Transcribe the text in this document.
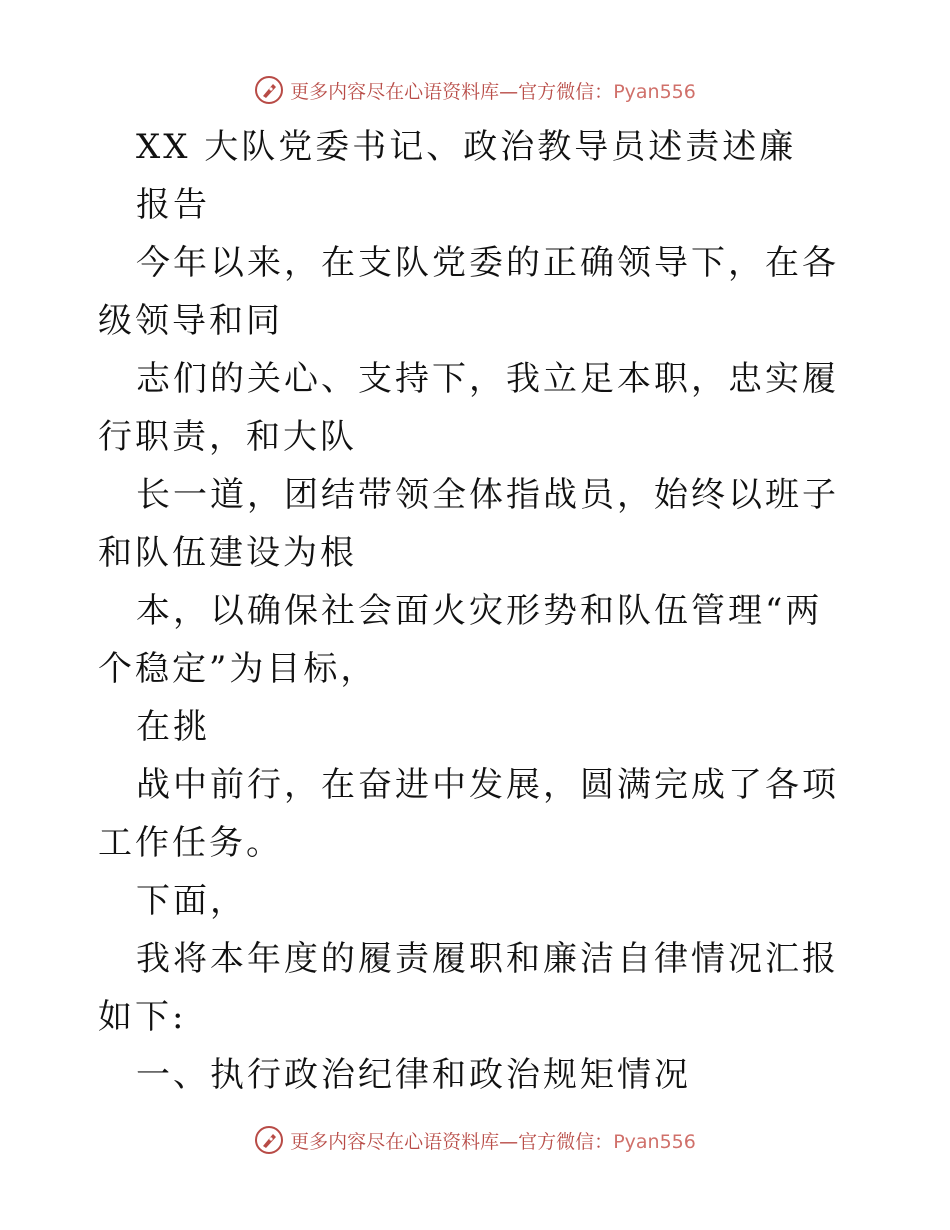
更多内容尽在心语资料库—官方微信：Pyan556

XX 大队党委书记、政治教导员述责述廉

报告

今年以来，在支队党委的正确领导下，在各级领导和同

志们的关心、支持下，我立足本职，忠实履行职责，和大队

长一道，团结带领全体指战员，始终以班子和队伍建设为根

本，以确保社会面火灾形势和队伍管理“两个稳定”为目标，

在挑

战中前行，在奋进中发展，圆满完成了各项工作任务。

下面，

我将本年度的履责履职和廉洁自律情况汇报如下:

一、执行政治纪律和政治规矩情况

更多内容尽在心语资料库—官方微信：Pyan556
